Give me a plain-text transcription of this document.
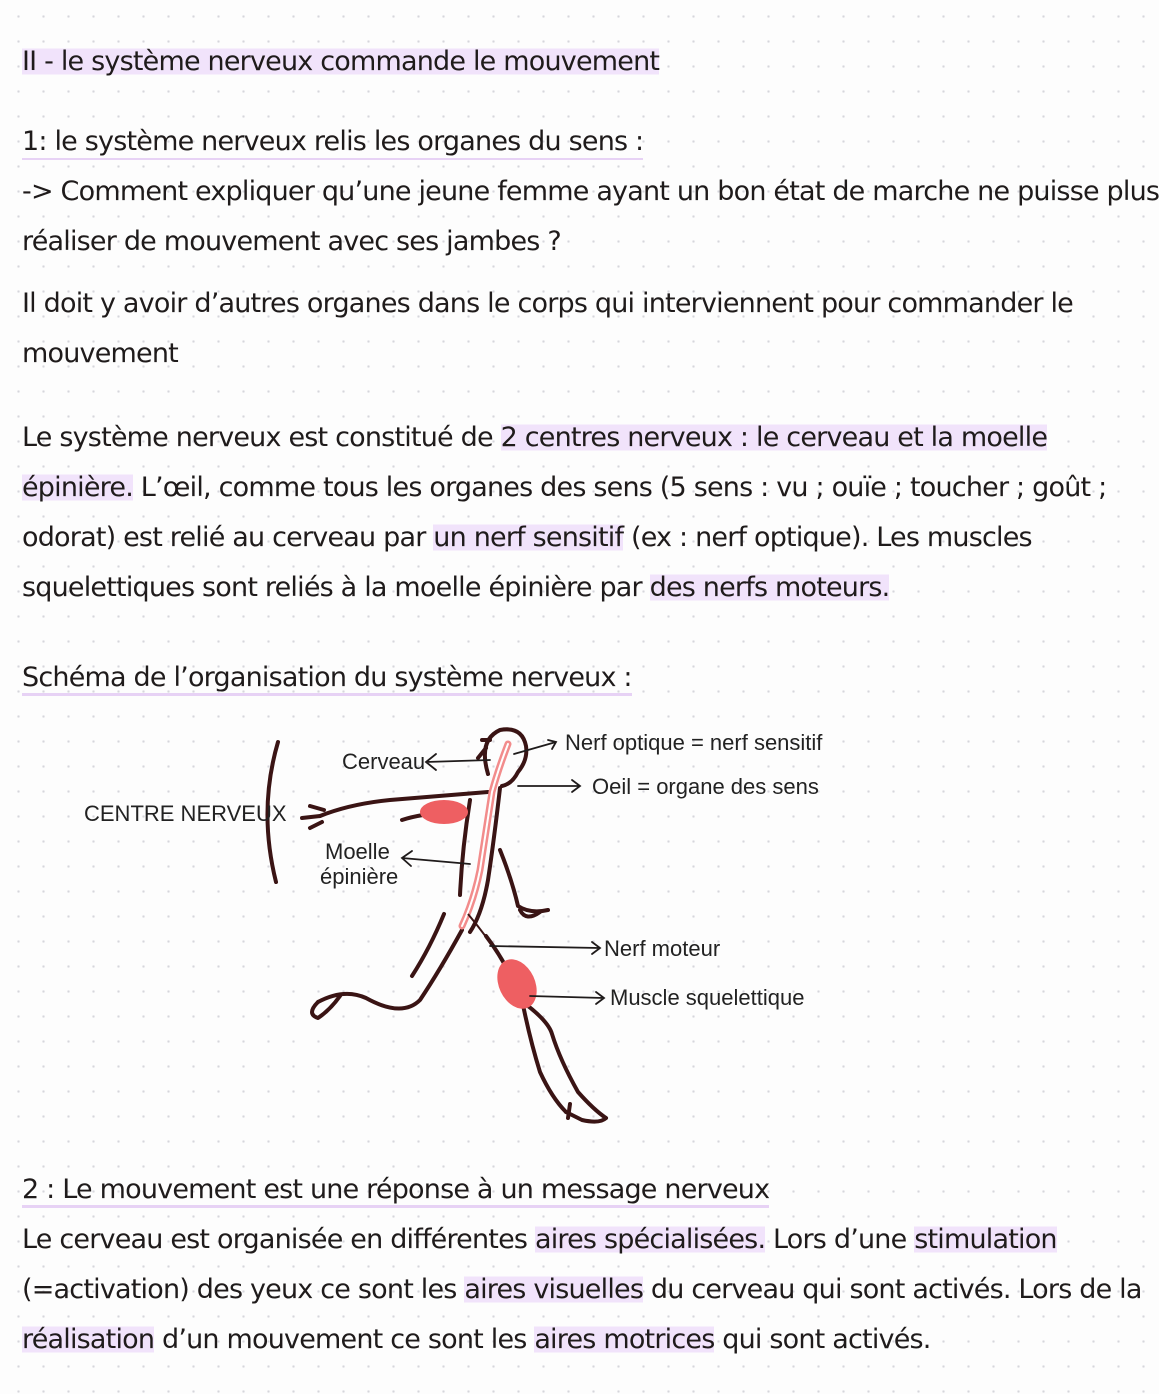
II - le système nerveux commande le mouvement
1: le système nerveux relis les organes du sens :
-> Comment expliquer qu’une jeune femme ayant un bon état de marche ne puisse plus
réaliser de mouvement avec ses jambes ?
Il doit y avoir d’autres organes dans le corps qui interviennent pour commander le
mouvement
Le système nerveux est constitué de 2 centres nerveux : le cerveau et la moelle
épinière. L’œil, comme tous les organes des sens (5 sens : vu ; ouïe ; toucher ; goût ;
odorat) est relié au cerveau par un nerf sensitif (ex : nerf optique). Les muscles
squelettiques sont reliés à la moelle épinière par des nerfs moteurs.
Schéma de l’organisation du système nerveux :
CENTRE NERVEUX
Cerveau
Moelle
épinière
Nerf optique = nerf sensitif
Oeil = organe des sens
Nerf moteur
Muscle squelettique
2 : Le mouvement est une réponse à un message nerveux
Le cerveau est organisée en différentes aires spécialisées. Lors d’une stimulation
(=activation) des yeux ce sont les aires visuelles du cerveau qui sont activés. Lors de la
réalisation d’un mouvement ce sont les aires motrices qui sont activés.
